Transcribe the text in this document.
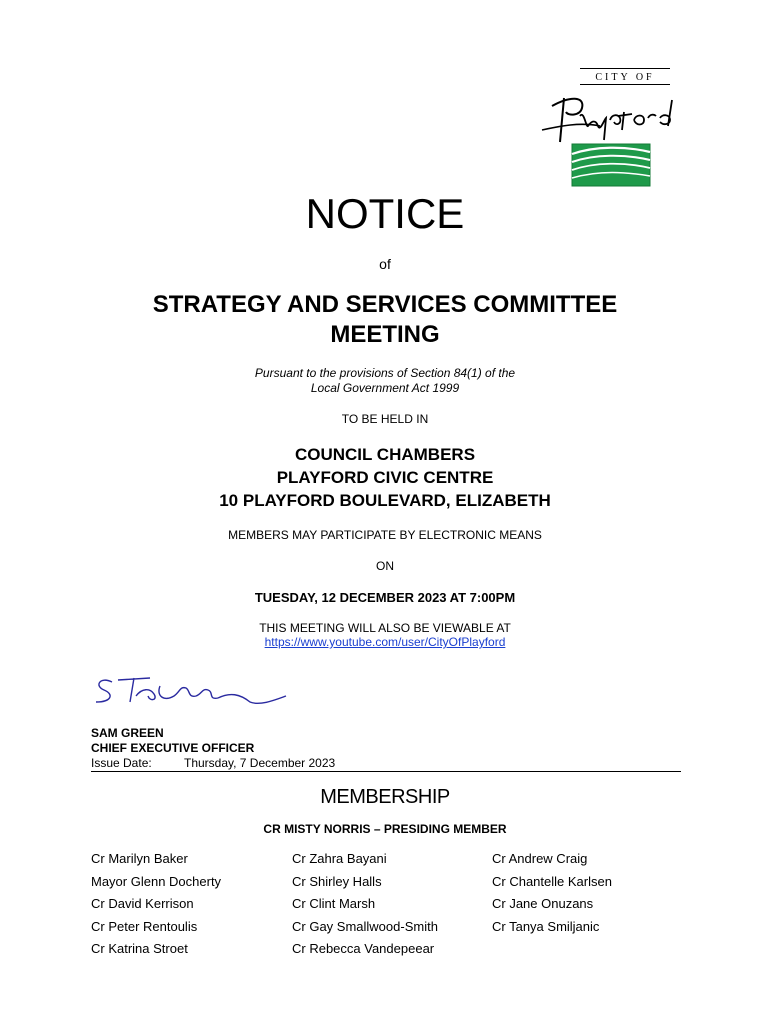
CITY OF
NOTICE
of
STRATEGY AND SERVICES COMMITTEE
MEETING
Pursuant to the provisions of Section 84(1) of the
Local Government Act 1999
TO BE HELD IN
COUNCIL CHAMBERS
PLAYFORD CIVIC CENTRE
10 PLAYFORD BOULEVARD, ELIZABETH
MEMBERS MAY PARTICIPATE BY ELECTRONIC MEANS
ON
TUESDAY, 12 DECEMBER 2023 AT 7:00PM
THIS MEETING WILL ALSO BE VIEWABLE AT
https://www.youtube.com/user/CityOfPlayford
SAM GREEN
CHIEF EXECUTIVE OFFICER
Issue Date:	Thursday, 7 December 2023
MEMBERSHIP
CR MISTY NORRIS – PRESIDING MEMBER
Cr Marilyn Baker	Cr Zahra Bayani	Cr Andrew Craig
Mayor Glenn Docherty	Cr Shirley Halls	Cr Chantelle Karlsen
Cr David Kerrison	Cr Clint Marsh	Cr Jane Onuzans
Cr Peter Rentoulis	Cr Gay Smallwood-Smith	Cr Tanya Smiljanic
Cr Katrina Stroet	Cr Rebecca Vandepeear
